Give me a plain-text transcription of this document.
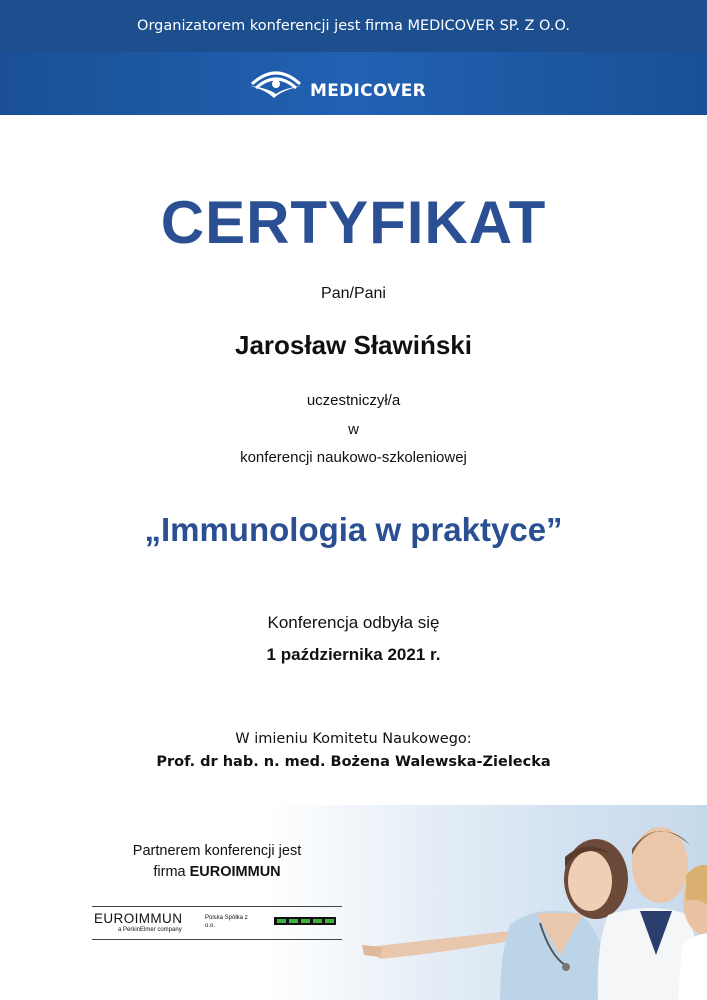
Organizatorem konferencji jest firma MEDICOVER SP. Z O.O.
MEDICOVER
CERTYFIKAT
Pan/Pani
Jarosław Sławiński
uczestniczył/a
w
konferencji naukowo-szkoleniowej
„Immunologia w praktyce”
Konferencja odbyła się
1 października 2021 r.
W imieniu Komitetu Naukowego:
Prof. dr hab. n. med. Bożena Walewska-Zielecka
Partnerem konferencji jest
firma EUROIMMUN
EUROIMMUN
a PerkinElmer company
Polska Spółka z o.o.
